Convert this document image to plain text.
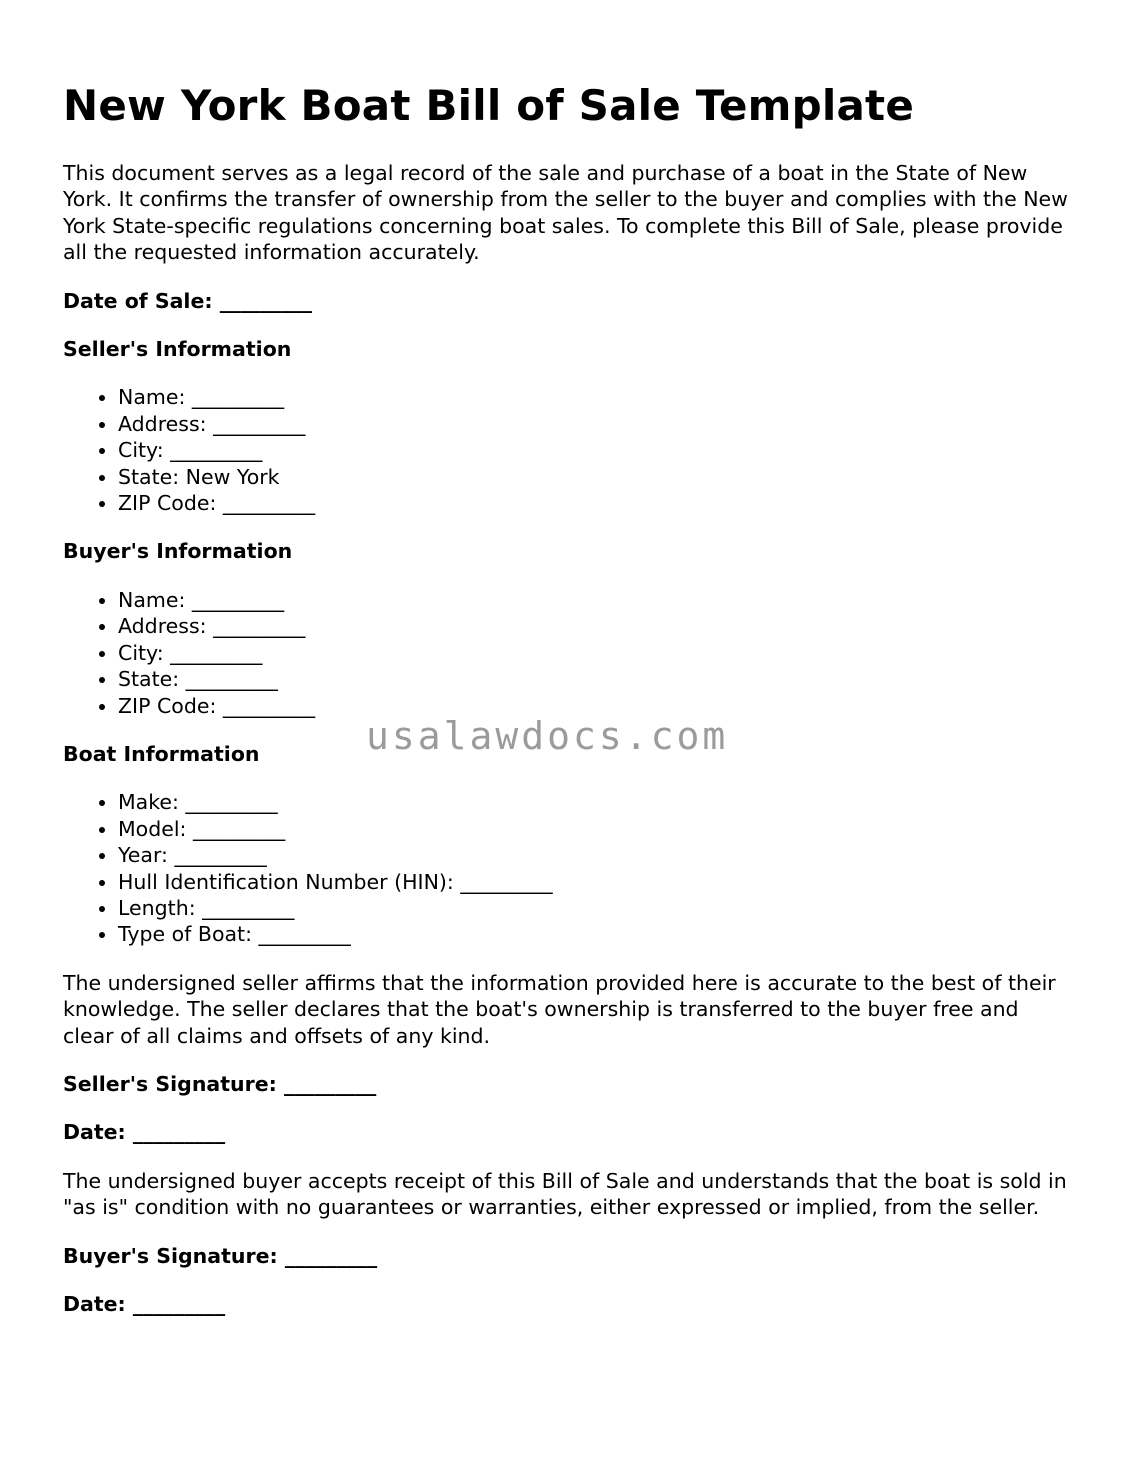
New York Boat Bill of Sale Template

This document serves as a legal record of the sale and purchase of a boat in the State of New York. It confirms the transfer of ownership from the seller to the buyer and complies with the New York State-specific regulations concerning boat sales. To complete this Bill of Sale, please provide all the requested information accurately.

Date of Sale: _________
Seller's Information
• Name: _________
• Address: _________
• City: _________
• State: New York
• ZIP Code: _________
Buyer's Information
• Name: _________
• Address: _________
• City: _________
• State: _________
• ZIP Code: _________
Boat Information
• Make: _________
• Model: _________
• Year: _________
• Hull Identification Number (HIN): _________
• Length: _________
• Type of Boat: _________

The undersigned seller affirms that the information provided here is accurate to the best of their knowledge. The seller declares that the boat's ownership is transferred to the buyer free and clear of all claims and offsets of any kind.

Seller's Signature: _________
Date: _________

The undersigned buyer accepts receipt of this Bill of Sale and understands that the boat is sold in "as is" condition with no guarantees or warranties, either expressed or implied, from the seller.

Buyer's Signature: _________
Date: _________
usalawdocs.com
